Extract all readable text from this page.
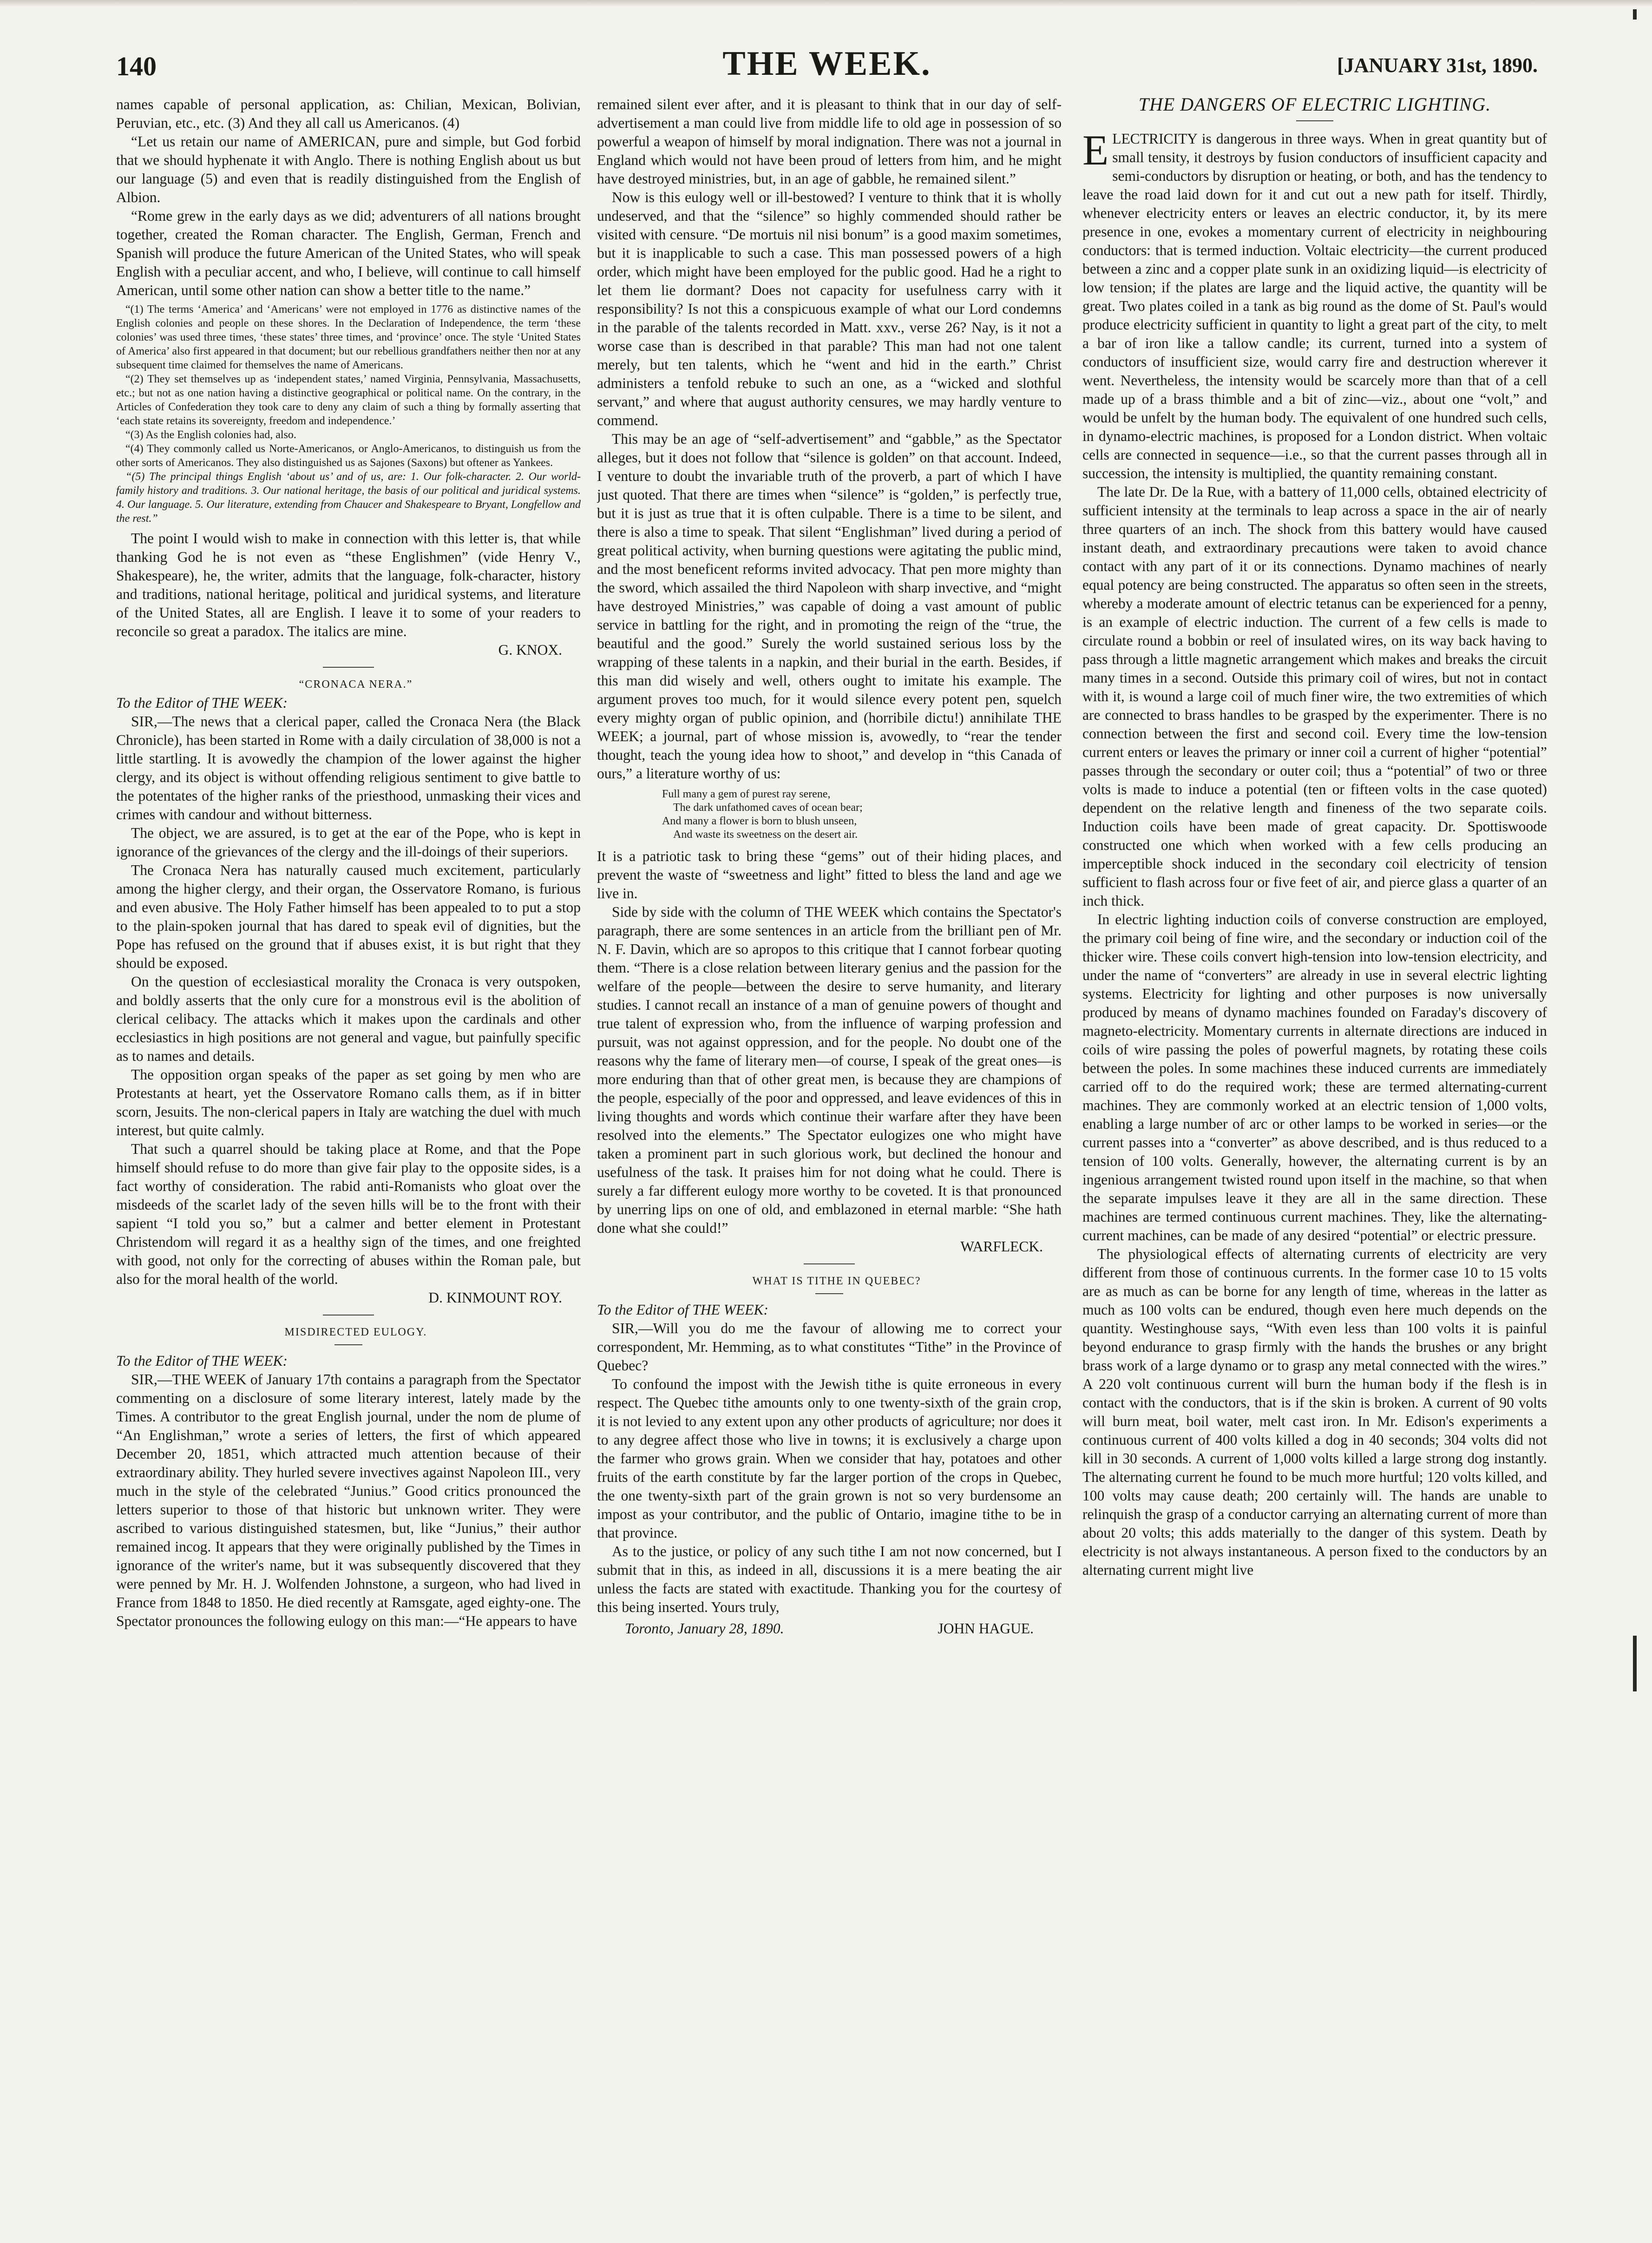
140	THE WEEK.	[JANUARY 31st, 1890.

names capable of personal application, as: Chilian, Mexican, Bolivian, Peruvian, etc., etc. (3) And they all call us Americanos. (4)

“Let us retain our name of AMERICAN, pure and simple, but God forbid that we should hyphenate it with Anglo. There is nothing English about us but our language (5) and even that is readily distinguished from the English of Albion.

“Rome grew in the early days as we did; adventurers of all nations brought together, created the Roman character. The English, German, French and Spanish will produce the future American of the United States, who will speak English with a peculiar accent, and who, I believe, will continue to call himself American, until some other nation can show a better title to the name.”

“(1) The terms ‘America’ and ‘Americans’ were not employed in 1776 as distinctive names of the English colonies and people on these shores. In the Declaration of Independence, the term ‘these colonies’ was used three times, ‘these states’ three times, and ‘province’ once. The style ‘United States of America’ also first appeared in that document; but our rebellious grandfathers neither then nor at any subsequent time claimed for themselves the name of Americans.

“(2) They set themselves up as ‘independent states,’ named Virginia, Pennsylvania, Massachusetts, etc.; but not as one nation having a distinctive geographical or political name. On the contrary, in the Articles of Confederation they took care to deny any claim of such a thing by formally asserting that ‘each state retains its sovereignty, freedom and independence.’

“(3) As the English colonies had, also.

“(4) They commonly called us Norte-Americanos, or Anglo-Americanos, to distinguish us from the other sorts of Americanos. They also distinguished us as Sajones (Saxons) but oftener as Yankees.

“(5) The principal things English ‘about us’ and of us, are: 1. Our folk-character. 2. Our world-family history and traditions. 3. Our national heritage, the basis of our political and juridical systems. 4. Our language. 5. Our literature, extending from Chaucer and Shakespeare to Bryant, Longfellow and the rest.”

The point I would wish to make in connection with this letter is, that while thanking God he is not even as “these Englishmen” (vide Henry V., Shakespeare), he, the writer, admits that the language, folk-character, history and traditions, national heritage, political and juridical systems, and literature of the United States, all are English. I leave it to some of your readers to reconcile so great a paradox. The italics are mine.

G. KNOX.

“CRONACA NERA.”

To the Editor of THE WEEK:

SIR,—The news that a clerical paper, called the Cronaca Nera (the Black Chronicle), has been started in Rome with a daily circulation of 38,000 is not a little startling. It is avowedly the champion of the lower against the higher clergy, and its object is without offending religious sentiment to give battle to the potentates of the higher ranks of the priesthood, unmasking their vices and crimes with candour and without bitterness.

The object, we are assured, is to get at the ear of the Pope, who is kept in ignorance of the grievances of the clergy and the ill-doings of their superiors.

The Cronaca Nera has naturally caused much excitement, particularly among the higher clergy, and their organ, the Osservatore Romano, is furious and even abusive. The Holy Father himself has been appealed to to put a stop to the plain-spoken journal that has dared to speak evil of dignities, but the Pope has refused on the ground that if abuses exist, it is but right that they should be exposed.

On the question of ecclesiastical morality the Cronaca is very outspoken, and boldly asserts that the only cure for a monstrous evil is the abolition of clerical celibacy. The attacks which it makes upon the cardinals and other ecclesiastics in high positions are not general and vague, but painfully specific as to names and details.

The opposition organ speaks of the paper as set going by men who are Protestants at heart, yet the Osservatore Romano calls them, as if in bitter scorn, Jesuits. The non-clerical papers in Italy are watching the duel with much interest, but quite calmly.

That such a quarrel should be taking place at Rome, and that the Pope himself should refuse to do more than give fair play to the opposite sides, is a fact worthy of consideration. The rabid anti-Romanists who gloat over the misdeeds of the scarlet lady of the seven hills will be to the front with their sapient “I told you so,” but a calmer and better element in Protestant Christendom will regard it as a healthy sign of the times, and one freighted with good, not only for the correcting of abuses within the Roman pale, but also for the moral health of the world.

D. KINMOUNT ROY.

MISDIRECTED EULOGY.

To the Editor of THE WEEK:

SIR,—THE WEEK of January 17th contains a paragraph from the Spectator commenting on a disclosure of some literary interest, lately made by the Times. A contributor to the great English journal, under the nom de plume of “An Englishman,” wrote a series of letters, the first of which appeared December 20, 1851, which attracted much attention because of their extraordinary ability. They hurled severe invectives against Napoleon III., very much in the style of the celebrated “Junius.” Good critics pronounced the letters superior to those of that historic but unknown writer. They were ascribed to various distinguished statesmen, but, like “Junius,” their author remained incog. It appears that they were originally published by the Times in ignorance of the writer's name, but it was subsequently discovered that they were penned by Mr. H. J. Wolfenden Johnstone, a surgeon, who had lived in France from 1848 to 1850. He died recently at Ramsgate, aged eighty-one. The Spectator pronounces the following eulogy on this man:—“He appears to have

remained silent ever after, and it is pleasant to think that in our day of self-advertisement a man could live from middle life to old age in possession of so powerful a weapon of himself by moral indignation. There was not a journal in England which would not have been proud of letters from him, and he might have destroyed ministries, but, in an age of gabble, he remained silent.”

Now is this eulogy well or ill-bestowed? I venture to think that it is wholly undeserved, and that the “silence” so highly commended should rather be visited with censure. “De mortuis nil nisi bonum” is a good maxim sometimes, but it is inapplicable to such a case. This man possessed powers of a high order, which might have been employed for the public good. Had he a right to let them lie dormant? Does not capacity for usefulness carry with it responsibility? Is not this a conspicuous example of what our Lord condemns in the parable of the talents recorded in Matt. xxv., verse 26? Nay, is it not a worse case than is described in that parable? This man had not one talent merely, but ten talents, which he “went and hid in the earth.” Christ administers a tenfold rebuke to such an one, as a “wicked and slothful servant,” and where that august authority censures, we may hardly venture to commend.

This may be an age of “self-advertisement” and “gabble,” as the Spectator alleges, but it does not follow that “silence is golden” on that account. Indeed, I venture to doubt the invariable truth of the proverb, a part of which I have just quoted. That there are times when “silence” is “golden,” is perfectly true, but it is just as true that it is often culpable. There is a time to be silent, and there is also a time to speak. That silent “Englishman” lived during a period of great political activity, when burning questions were agitating the public mind, and the most beneficent reforms invited advocacy. That pen more mighty than the sword, which assailed the third Napoleon with sharp invective, and “might have destroyed Ministries,” was capable of doing a vast amount of public service in battling for the right, and in promoting the reign of the “true, the beautiful and the good.” Surely the world sustained serious loss by the wrapping of these talents in a napkin, and their burial in the earth. Besides, if this man did wisely and well, others ought to imitate his example. The argument proves too much, for it would silence every potent pen, squelch every mighty organ of public opinion, and (horribile dictu!) annihilate THE WEEK; a journal, part of whose mission is, avowedly, to “rear the tender thought, teach the young idea how to shoot,” and develop in “this Canada of ours,” a literature worthy of us:

Full many a gem of purest ray serene,
The dark unfathomed caves of ocean bear;
And many a flower is born to blush unseen,
And waste its sweetness on the desert air.

It is a patriotic task to bring these “gems” out of their hiding places, and prevent the waste of “sweetness and light” fitted to bless the land and age we live in.

Side by side with the column of THE WEEK which contains the Spectator's paragraph, there are some sentences in an article from the brilliant pen of Mr. N. F. Davin, which are so apropos to this critique that I cannot forbear quoting them. “There is a close relation between literary genius and the passion for the welfare of the people—between the desire to serve humanity, and literary studies. I cannot recall an instance of a man of genuine powers of thought and true talent of expression who, from the influence of warping profession and pursuit, was not against oppression, and for the people. No doubt one of the reasons why the fame of literary men—of course, I speak of the great ones—is more enduring than that of other great men, is because they are champions of the people, especially of the poor and oppressed, and leave evidences of this in living thoughts and words which continue their warfare after they have been resolved into the elements.” The Spectator eulogizes one who might have taken a prominent part in such glorious work, but declined the honour and usefulness of the task. It praises him for not doing what he could. There is surely a far different eulogy more worthy to be coveted. It is that pronounced by unerring lips on one of old, and emblazoned in eternal marble: “She hath done what she could!”

WARFLECK.

WHAT IS TITHE IN QUEBEC?

To the Editor of THE WEEK:

SIR,—Will you do me the favour of allowing me to correct your correspondent, Mr. Hemming, as to what constitutes “Tithe” in the Province of Quebec?

To confound the impost with the Jewish tithe is quite erroneous in every respect. The Quebec tithe amounts only to one twenty-sixth of the grain crop, it is not levied to any extent upon any other products of agriculture; nor does it to any degree affect those who live in towns; it is exclusively a charge upon the farmer who grows grain. When we consider that hay, potatoes and other fruits of the earth constitute by far the larger portion of the crops in Quebec, the one twenty-sixth part of the grain grown is not so very burdensome an impost as your contributor, and the public of Ontario, imagine tithe to be in that province.

As to the justice, or policy of any such tithe I am not now concerned, but I submit that in this, as indeed in all, discussions it is a mere beating the air unless the facts are stated with exactitude. Thanking you for the courtesy of this being inserted. Yours truly,

Toronto, January 28, 1890.	JOHN HAGUE.
THE DANGERS OF ELECTRIC LIGHTING.

ELECTRICITY is dangerous in three ways. When in great quantity but of small tensity, it destroys by fusion conductors of insufficient capacity and semi-conductors by disruption or heating, or both, and has the tendency to leave the road laid down for it and cut out a new path for itself. Thirdly, whenever electricity enters or leaves an electric conductor, it, by its mere presence in one, evokes a momentary current of electricity in neighbouring conductors: that is termed induction. Voltaic electricity—the current produced between a zinc and a copper plate sunk in an oxidizing liquid—is electricity of low tension; if the plates are large and the liquid active, the quantity will be great. Two plates coiled in a tank as big round as the dome of St. Paul's would produce electricity sufficient in quantity to light a great part of the city, to melt a bar of iron like a tallow candle; its current, turned into a system of conductors of insufficient size, would carry fire and destruction wherever it went. Nevertheless, the intensity would be scarcely more than that of a cell made up of a brass thimble and a bit of zinc—viz., about one “volt,” and would be unfelt by the human body. The equivalent of one hundred such cells, in dynamo-electric machines, is proposed for a London district. When voltaic cells are connected in sequence—i.e., so that the current passes through all in succession, the intensity is multiplied, the quantity remaining constant.

The late Dr. De la Rue, with a battery of 11,000 cells, obtained electricity of sufficient intensity at the terminals to leap across a space in the air of nearly three quarters of an inch. The shock from this battery would have caused instant death, and extraordinary precautions were taken to avoid chance contact with any part of it or its connections. Dynamo machines of nearly equal potency are being constructed. The apparatus so often seen in the streets, whereby a moderate amount of electric tetanus can be experienced for a penny, is an example of electric induction. The current of a few cells is made to circulate round a bobbin or reel of insulated wires, on its way back having to pass through a little magnetic arrangement which makes and breaks the circuit many times in a second. Outside this primary coil of wires, but not in contact with it, is wound a large coil of much finer wire, the two extremities of which are connected to brass handles to be grasped by the experimenter. There is no connection between the first and second coil. Every time the low-tension current enters or leaves the primary or inner coil a current of higher “potential” passes through the secondary or outer coil; thus a “potential” of two or three volts is made to induce a potential (ten or fifteen volts in the case quoted) dependent on the relative length and fineness of the two separate coils. Induction coils have been made of great capacity. Dr. Spottiswoode constructed one which when worked with a few cells producing an imperceptible shock induced in the secondary coil electricity of tension sufficient to flash across four or five feet of air, and pierce glass a quarter of an inch thick.

In electric lighting induction coils of converse construction are employed, the primary coil being of fine wire, and the secondary or induction coil of the thicker wire. These coils convert high-tension into low-tension electricity, and under the name of “converters” are already in use in several electric lighting systems. Electricity for lighting and other purposes is now universally produced by means of dynamo machines founded on Faraday's discovery of magneto-electricity. Momentary currents in alternate directions are induced in coils of wire passing the poles of powerful magnets, by rotating these coils between the poles. In some machines these induced currents are immediately carried off to do the required work; these are termed alternating-current machines. They are commonly worked at an electric tension of 1,000 volts, enabling a large number of arc or other lamps to be worked in series—or the current passes into a “converter” as above described, and is thus reduced to a tension of 100 volts. Generally, however, the alternating current is by an ingenious arrangement twisted round upon itself in the machine, so that when the separate impulses leave it they are all in the same direction. These machines are termed continuous current machines. They, like the alternating-current machines, can be made of any desired “potential” or electric pressure.

The physiological effects of alternating currents of electricity are very different from those of continuous currents. In the former case 10 to 15 volts are as much as can be borne for any length of time, whereas in the latter as much as 100 volts can be endured, though even here much depends on the quantity. Westinghouse says, “With even less than 100 volts it is painful beyond endurance to grasp firmly with the hands the brushes or any bright brass work of a large dynamo or to grasp any metal connected with the wires.” A 220 volt continuous current will burn the human body if the flesh is in contact with the conductors, that is if the skin is broken. A current of 90 volts will burn meat, boil water, melt cast iron. In Mr. Edison's experiments a continuous current of 400 volts killed a dog in 40 seconds; 304 volts did not kill in 30 seconds. A current of 1,000 volts killed a large strong dog instantly. The alternating current he found to be much more hurtful; 120 volts killed, and 100 volts may cause death; 200 certainly will. The hands are unable to relinquish the grasp of a conductor carrying an alternating current of more than about 20 volts; this adds materially to the danger of this system. Death by electricity is not always instantaneous. A person fixed to the conductors by an alternating current might live
